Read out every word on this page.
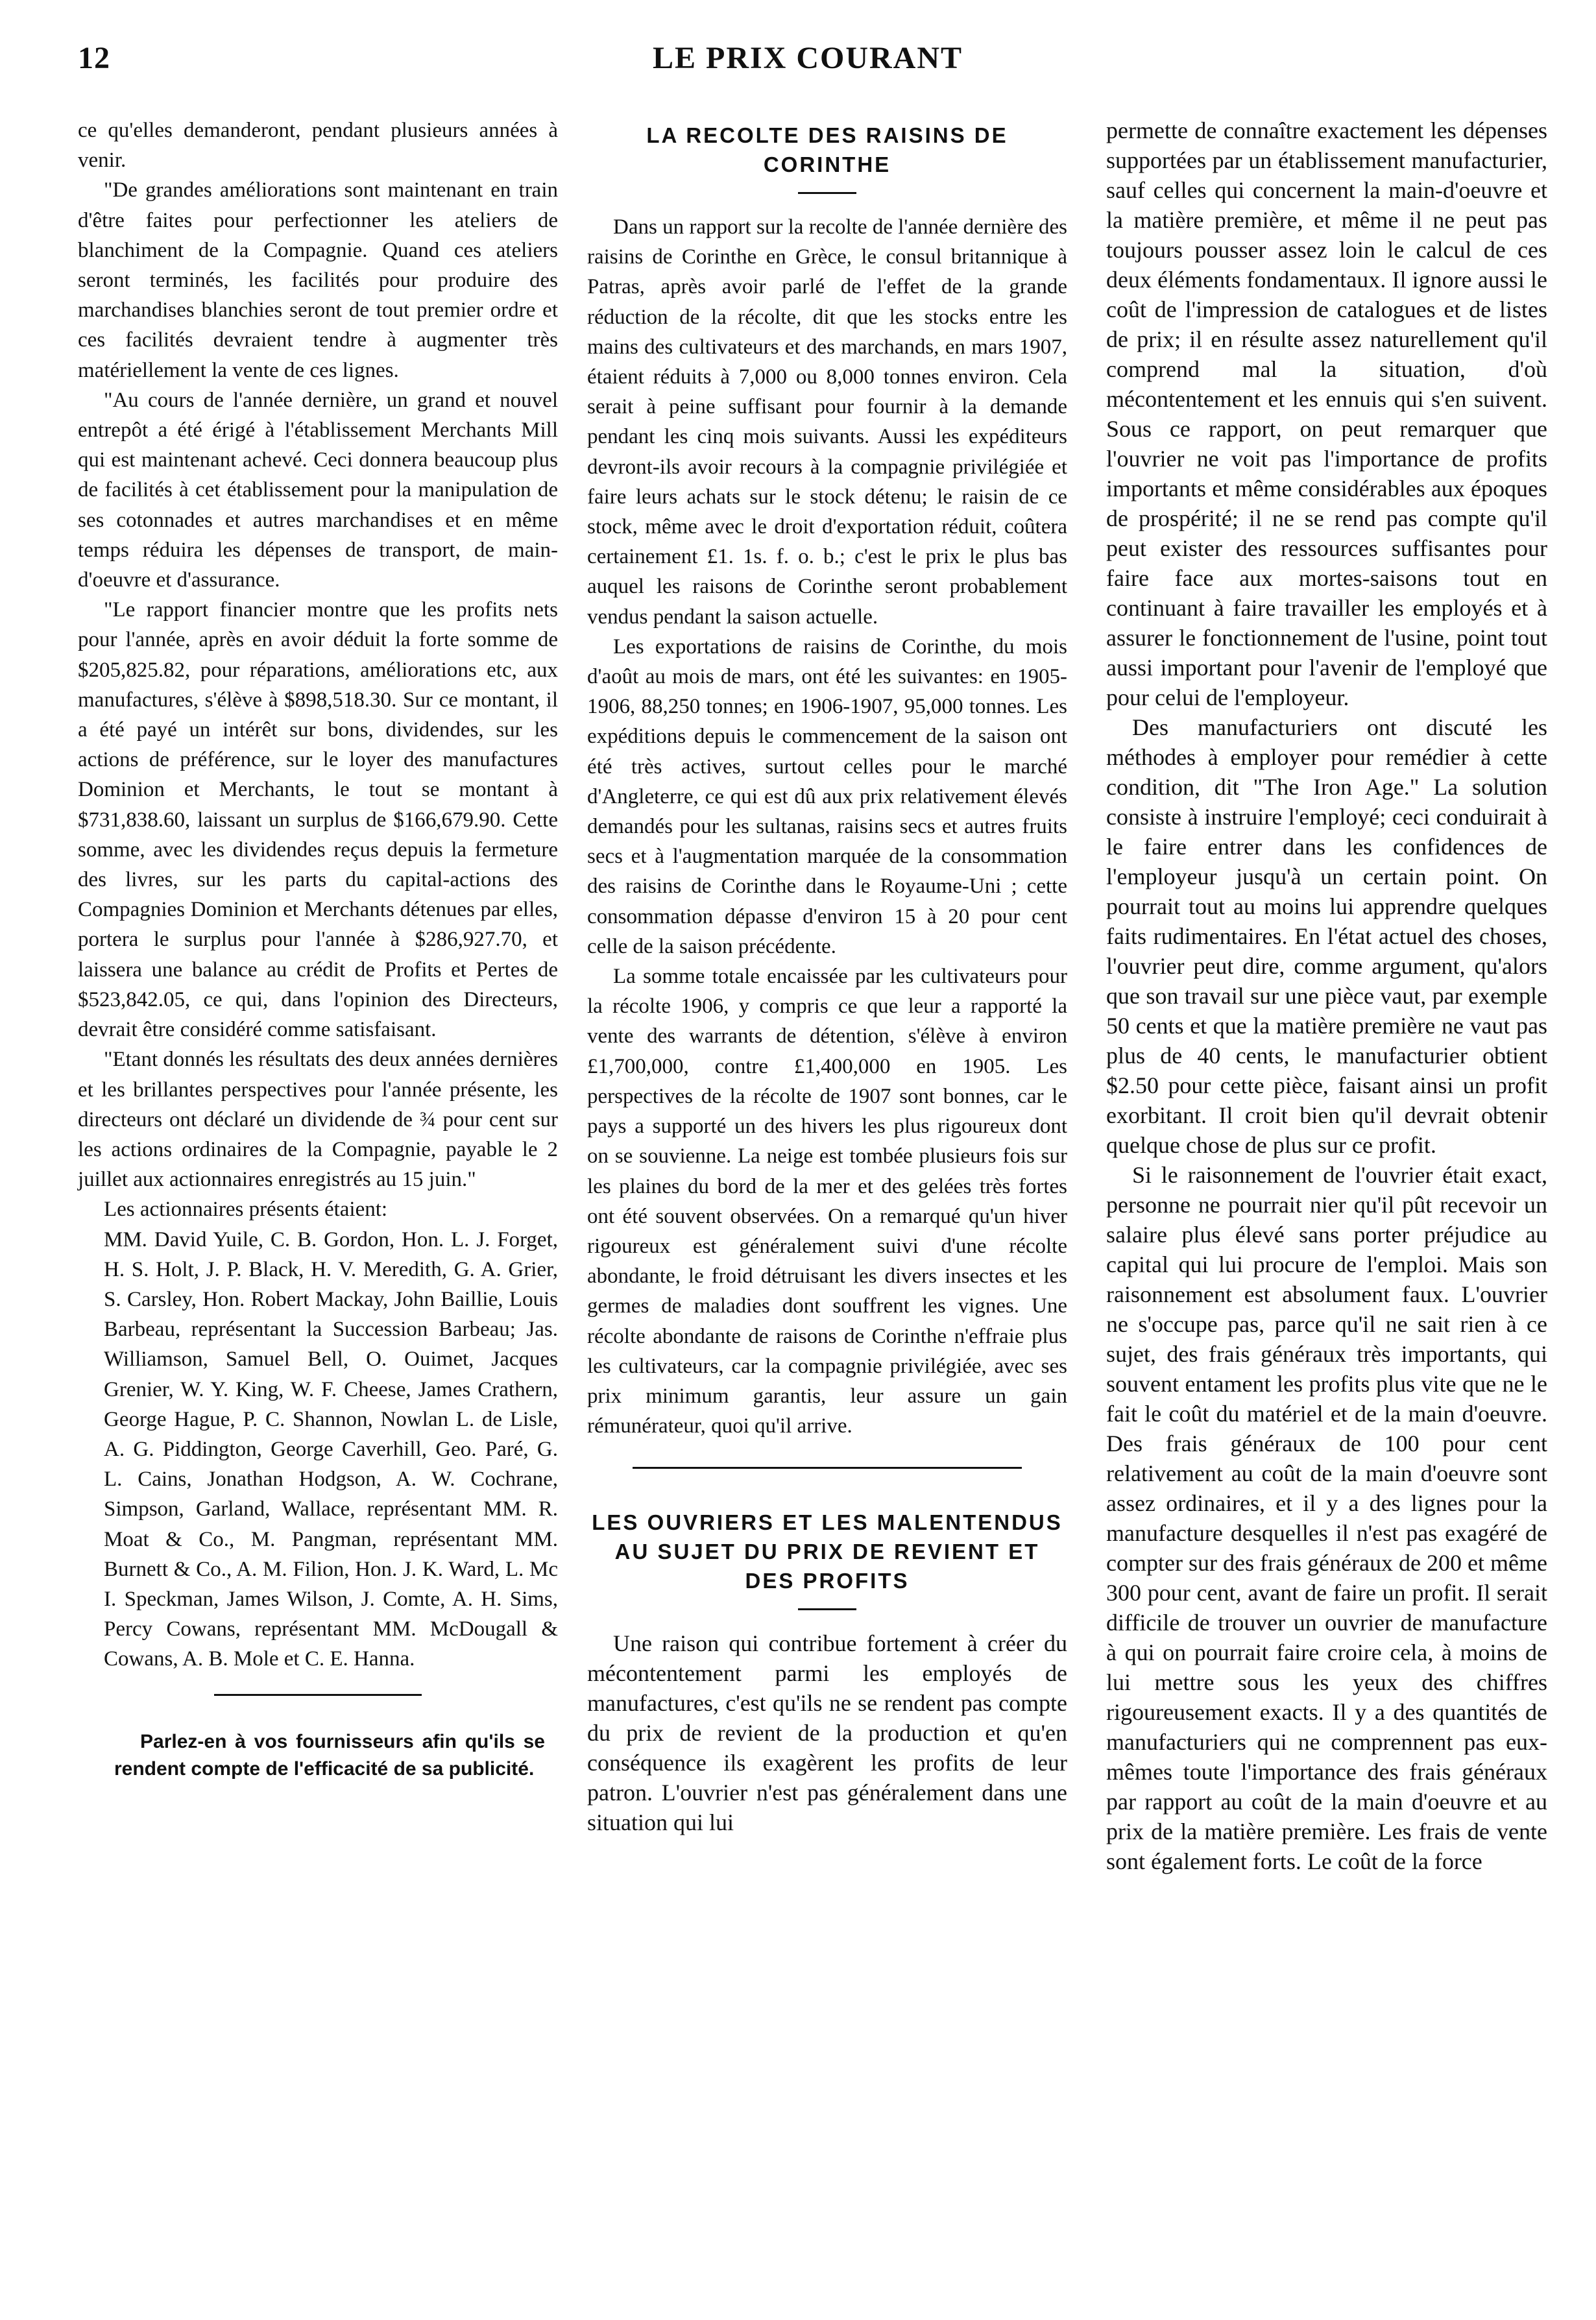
12	LE PRIX COURANT

ce qu'elles demanderont, pendant plusieurs années à venir.

"De grandes améliorations sont maintenant en train d'être faites pour perfectionner les ateliers de blanchiment de la Compagnie. Quand ces ateliers seront terminés, les facilités pour produire des marchandises blanchies seront de tout premier ordre et ces facilités devraient tendre à augmenter très matériellement la vente de ces lignes.

"Au cours de l'année dernière, un grand et nouvel entrepôt a été érigé à l'établissement Merchants Mill qui est maintenant achevé. Ceci donnera beaucoup plus de facilités à cet établissement pour la manipulation de ses cotonnades et autres marchandises et en même temps réduira les dépenses de transport, de main-d'oeuvre et d'assurance.

"Le rapport financier montre que les profits nets pour l'année, après en avoir déduit la forte somme de $205,825.82, pour réparations, améliorations etc, aux manufactures, s'élève à $898,518.30. Sur ce montant, il a été payé un intérêt sur bons, dividendes, sur les actions de préférence, sur le loyer des manufactures Dominion et Merchants, le tout se montant à $731,838.60, laissant un surplus de $166,679.90. Cette somme, avec les dividendes reçus depuis la fermeture des livres, sur les parts du capital-actions des Compagnies Dominion et Merchants détenues par elles, portera le surplus pour l'année à $286,927.70, et laissera une balance au crédit de Profits et Pertes de $523,842.05, ce qui, dans l'opinion des Directeurs, devrait être considéré comme satisfaisant.

"Etant donnés les résultats des deux années dernières et les brillantes perspectives pour l'année présente, les directeurs ont déclaré un dividende de ¾ pour cent sur les actions ordinaires de la Compagnie, payable le 2 juillet aux actionnaires enregistrés au 15 juin."

Les actionnaires présents étaient:

MM. David Yuile, C. B. Gordon, Hon. L. J. Forget, H. S. Holt, J. P. Black, H. V. Meredith, G. A. Grier, S. Carsley, Hon. Robert Mackay, John Baillie, Louis Barbeau, représentant la Succession Barbeau; Jas. Williamson, Samuel Bell, O. Ouimet, Jacques Grenier, W. Y. King, W. F. Cheese, James Crathern, George Hague, P. C. Shannon, Nowlan L. de Lisle, A. G. Piddington, George Caverhill, Geo. Paré, G. L. Cains, Jonathan Hodgson, A. W. Cochrane, Simpson, Garland, Wallace, représentant MM. R. Moat & Co., M. Pangman, représentant MM. Burnett & Co., A. M. Filion, Hon. J. K. Ward, L. Mc I. Speckman, James Wilson, J. Comte, A. H. Sims, Percy Cowans, représentant MM. McDougall & Cowans, A. B. Mole et C. E. Hanna.

Parlez-en à vos fournisseurs afin qu'ils se rendent compte de l'efficacité de sa publicité.

LA RECOLTE DES RAISINS DE CORINTHE

Dans un rapport sur la recolte de l'année dernière des raisins de Corinthe en Grèce, le consul britannique à Patras, après avoir parlé de l'effet de la grande réduction de la récolte, dit que les stocks entre les mains des cultivateurs et des marchands, en mars 1907, étaient réduits à 7,000 ou 8,000 tonnes environ. Cela serait à peine suffisant pour fournir à la demande pendant les cinq mois suivants. Aussi les expéditeurs devront-ils avoir recours à la compagnie privilégiée et faire leurs achats sur le stock détenu; le raisin de ce stock, même avec le droit d'exportation réduit, coûtera certainement £1. 1s. f. o. b.; c'est le prix le plus bas auquel les raisons de Corinthe seront probablement vendus pendant la saison actuelle.

Les exportations de raisins de Corinthe, du mois d'août au mois de mars, ont été les suivantes: en 1905-1906, 88,250 tonnes; en 1906-1907, 95,000 tonnes. Les expéditions depuis le commencement de la saison ont été très actives, surtout celles pour le marché d'Angleterre, ce qui est dû aux prix relativement élevés demandés pour les sultanas, raisins secs et autres fruits secs et à l'augmentation marquée de la consommation des raisins de Corinthe dans le Royaume-Uni ; cette consommation dépasse d'environ 15 à 20 pour cent celle de la saison précédente.

La somme totale encaissée par les cultivateurs pour la récolte 1906, y compris ce que leur a rapporté la vente des warrants de détention, s'élève à environ £1,700,000, contre £1,400,000 en 1905. Les perspectives de la récolte de 1907 sont bonnes, car le pays a supporté un des hivers les plus rigoureux dont on se souvienne. La neige est tombée plusieurs fois sur les plaines du bord de la mer et des gelées très fortes ont été souvent observées. On a remarqué qu'un hiver rigoureux est généralement suivi d'une récolte abondante, le froid détruisant les divers insectes et les germes de maladies dont souffrent les vignes. Une récolte abondante de raisons de Corinthe n'effraie plus les cultivateurs, car la compagnie privilégiée, avec ses prix minimum garantis, leur assure un gain rémunérateur, quoi qu'il arrive.

LES OUVRIERS ET LES MALENTENDUS AU SUJET DU PRIX DE REVIENT ET DES PROFITS

Une raison qui contribue fortement à créer du mécontentement parmi les employés de manufactures, c'est qu'ils ne se rendent pas compte du prix de revient de la production et qu'en conséquence ils exagèrent les profits de leur patron. L'ouvrier n'est pas généralement dans une situation qui lui

permette de connaître exactement les dépenses supportées par un établissement manufacturier, sauf celles qui concernent la main-d'oeuvre et la matière première, et même il ne peut pas toujours pousser assez loin le calcul de ces deux éléments fondamentaux. Il ignore aussi le coût de l'impression de catalogues et de listes de prix; il en résulte assez naturellement qu'il comprend mal la situation, d'où mécontentement et les ennuis qui s'en suivent. Sous ce rapport, on peut remarquer que l'ouvrier ne voit pas l'importance de profits importants et même considérables aux époques de prospérité; il ne se rend pas compte qu'il peut exister des ressources suffisantes pour faire face aux mortes-saisons tout en continuant à faire travailler les employés et à assurer le fonctionnement de l'usine, point tout aussi important pour l'avenir de l'employé que pour celui de l'employeur.

Des manufacturiers ont discuté les méthodes à employer pour remédier à cette condition, dit "The Iron Age." La solution consiste à instruire l'employé; ceci conduirait à le faire entrer dans les confidences de l'employeur jusqu'à un certain point. On pourrait tout au moins lui apprendre quelques faits rudimentaires. En l'état actuel des choses, l'ouvrier peut dire, comme argument, qu'alors que son travail sur une pièce vaut, par exemple 50 cents et que la matière première ne vaut pas plus de 40 cents, le manufacturier obtient $2.50 pour cette pièce, faisant ainsi un profit exorbitant. Il croit bien qu'il devrait obtenir quelque chose de plus sur ce profit.

Si le raisonnement de l'ouvrier était exact, personne ne pourrait nier qu'il pût recevoir un salaire plus élevé sans porter préjudice au capital qui lui procure de l'emploi. Mais son raisonnement est absolument faux. L'ouvrier ne s'occupe pas, parce qu'il ne sait rien à ce sujet, des frais généraux très importants, qui souvent entament les profits plus vite que ne le fait le coût du matériel et de la main d'oeuvre. Des frais généraux de 100 pour cent relativement au coût de la main d'oeuvre sont assez ordinaires, et il y a des lignes pour la manufacture desquelles il n'est pas exagéré de compter sur des frais généraux de 200 et même 300 pour cent, avant de faire un profit. Il serait difficile de trouver un ouvrier de manufacture à qui on pourrait faire croire cela, à moins de lui mettre sous les yeux des chiffres rigoureusement exacts. Il y a des quantités de manufacturiers qui ne comprennent pas eux-mêmes toute l'importance des frais généraux par rapport au coût de la main d'oeuvre et au prix de la matière première. Les frais de vente sont également forts. Le coût de la force
